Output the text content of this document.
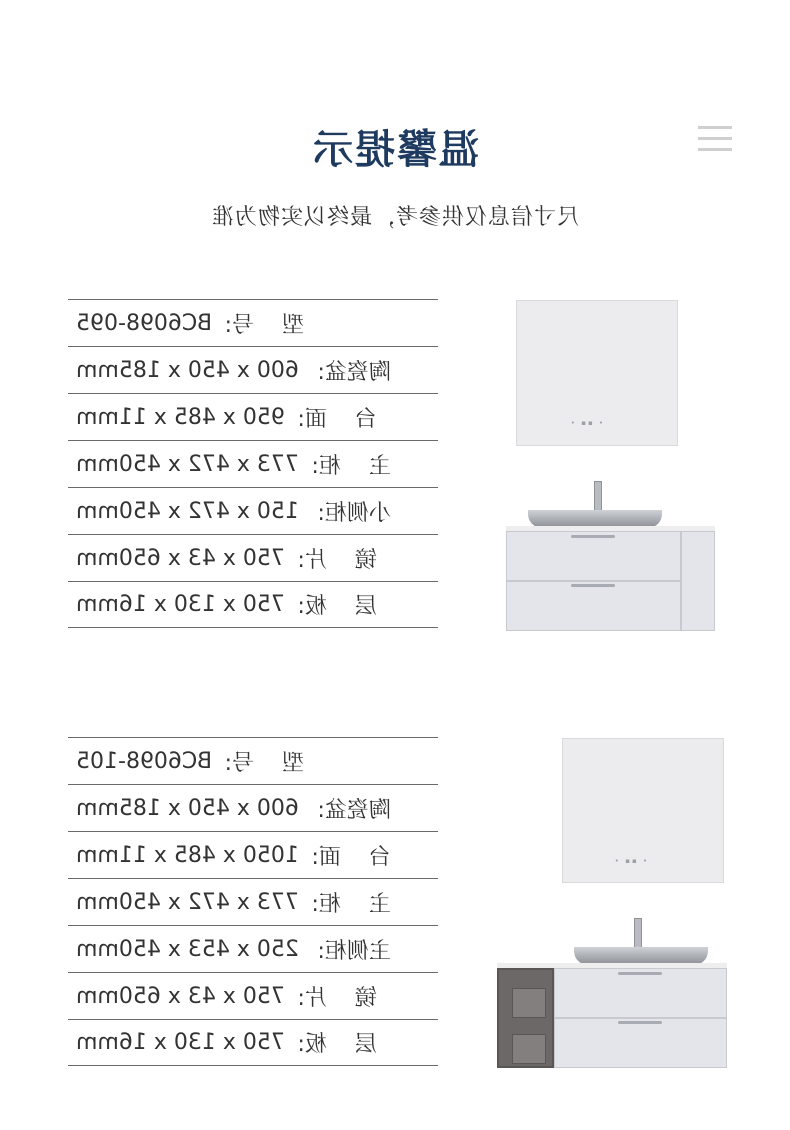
温馨提示
尺寸信息仅供参考，最终以实物为准
型    号:
BC6098-095
陶瓷盆:
600 x 450 x 185mm
台    面:
950 x 485 x 11mm
主    柜:
773 x 472 x 450mm
小侧柜:
150 x 472 x 450mm
镜    片:
750 x 43 x 650mm
层    板:
750 x 130 x 16mm
• ▪▪ •
型    号:
BC6098-105
陶瓷盆:
600 x 450 x 185mm
台    面:
1050 x 485 x 11mm
主    柜:
773 x 472 x 450mm
主侧柜:
250 x 453 x 450mm
镜    片:
750 x 43 x 650mm
层    板:
750 x 130 x 16mm
• ▪▪ •
